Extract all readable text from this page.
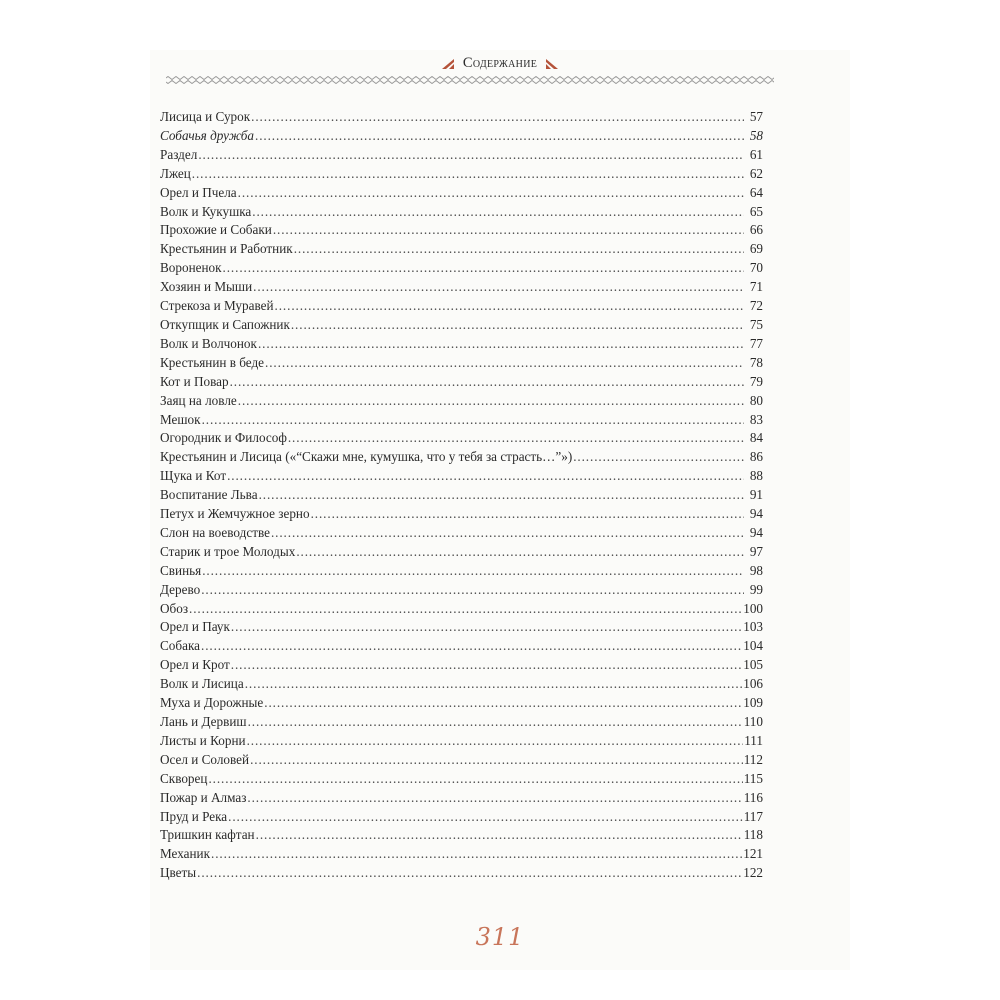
Содержание
Лисица и Сурок . . .	57
Собачья дружба . . .	58
Раздел . . .	61
Лжец . . .	62
Орел и Пчела . . .	64
Волк и Кукушка . . .	65
Прохожие и Собаки . . .	66
Крестьянин и Работник . . .	69
Вороненок . . .	70
Хозяин и Мыши . . .	71
Стрекоза и Муравей . . .	72
Откупщик и Сапожник . . .	75
Волк и Волчонок . . .	77
Крестьянин в беде . . .	78
Кот и Повар . . .	79
Заяц на ловле . . .	80
Мешок . . .	83
Огородник и Философ . . .	84
Крестьянин и Лисица («“Скажи мне, кумушка, что у тебя за страсть…”») . . .	86
Щука и Кот . . .	88
Воспитание Льва . . .	91
Петух и Жемчужное зерно . . .	94
Слон на воеводстве . . .	94
Старик и трое Молодых . . .	97
Свинья . . .	98
Дерево . . .	99
Обоз . . .	100
Орел и Паук . . .	103
Собака . . .	104
Орел и Крот . . .	105
Волк и Лисица . . .	106
Муха и Дорожные . . .	109
Лань и Дервиш . . .	110
Листы и Корни . . .	111
Осел и Соловей . . .	112
Скворец . . .	115
Пожар и Алмаз . . .	116
Пруд и Река . . .	117
Тришкин кафтан . . .	118
Механик . . .	121
Цветы . . .	122
311
